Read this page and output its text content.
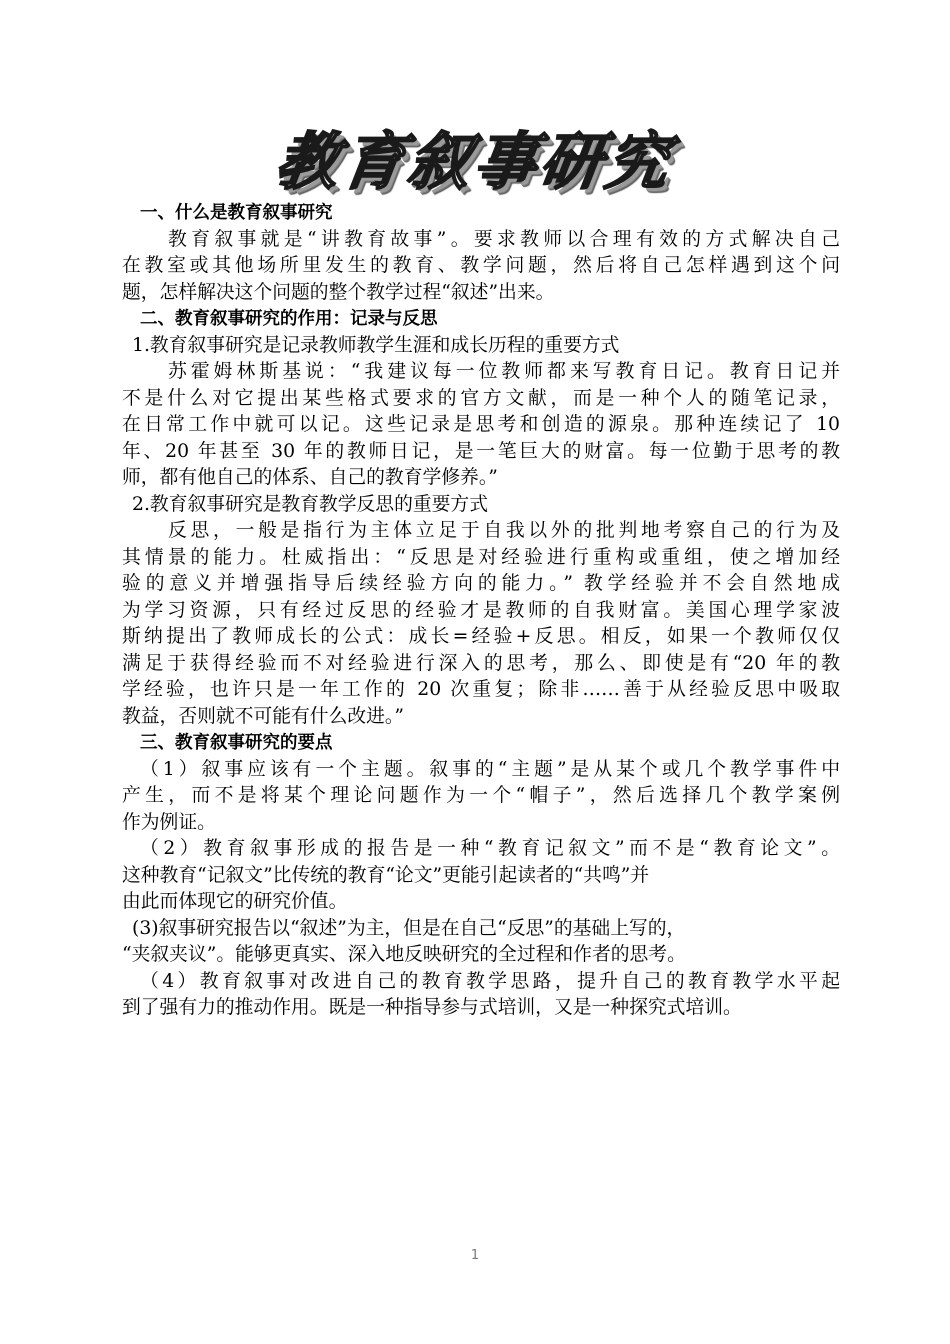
教育叙事研究
一、什么是教育叙事研究
教育叙事就是“讲教育故事”。要求教师以合理有效的方式解决自己
在教室或其他场所里发生的教育、教学问题，然后将自己怎样遇到这个问
题，怎样解决这个问题的整个教学过程“叙述”出来。
二、教育叙事研究的作用：记录与反思
1.教育叙事研究是记录教师教学生涯和成长历程的重要方式
苏霍姆林斯基说：“我建议每一位教师都来写教育日记。教育日记并
不是什么对它提出某些格式要求的官方文献，而是一种个人的随笔记录，
在日常工作中就可以记。这些记录是思考和创造的源泉。那种连续记了 10
年、20 年甚至 30 年的教师日记，是一笔巨大的财富。每一位勤于思考的教
师，都有他自己的体系、自己的教育学修养。”
2.教育叙事研究是教育教学反思的重要方式
反思，一般是指行为主体立足于自我以外的批判地考察自己的行为及
其情景的能力。杜威指出：“反思是对经验进行重构或重组，使之增加经
验的意义并增强指导后续经验方向的能力。” 教学经验并不会自然地成
为学习资源，只有经过反思的经验才是教师的自我财富。美国心理学家波
斯纳提出了教师成长的公式：成长=经验+反思。相反，如果一个教师仅仅
满足于获得经验而不对经验进行深入的思考，那么、即使是有“20 年的教
学经验，也许只是一年工作的 20 次重复；除非……善于从经验反思中吸取
教益，否则就不可能有什么改进。”
三、教育叙事研究的要点
（1）叙事应该有一个主题。叙事的“主题”是从某个或几个教学事件中
产生，而不是将某个理论问题作为一个“帽子”，然后选择几个教学案例
作为例证。
（2）教育叙事形成的报告是一种“教育记叙文”而不是“教育论文”。
这种教育“记叙文”比传统的教育“论文”更能引起读者的“共鸣”并
由此而体现它的研究价值。
(3)叙事研究报告以“叙述”为主，但是在自己“反思”的基础上写的，
“夹叙夹议”。能够更真实、深入地反映研究的全过程和作者的思考。
（4）教育叙事对改进自己的教育教学思路，提升自己的教育教学水平起
到了强有力的推动作用。既是一种指导参与式培训，又是一种探究式培训。
1
